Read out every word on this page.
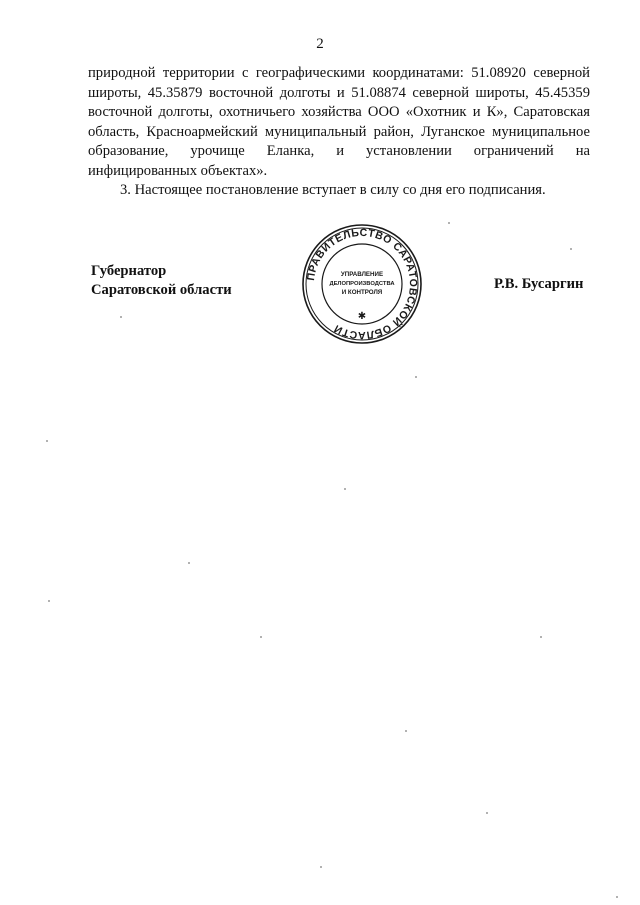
2

природной территории с географическими координатами: 51.08920 северной широты, 45.35879 восточной долготы и 51.08874 северной широты, 45.45359 восточной долготы, охотничьего хозяйства ООО «Охотник и К», Саратовская область, Красноармейский муниципальный район, Луганское муниципальное образование, урочище Еланка, и установлении ограничений на инфицированных объектах».

3. Настоящее постановление вступает в силу со дня его подписания.

Губернатор
Саратовской области	Р.В. Бусаргин
ПРАВИТЕЛЬСТВО САРАТОВСКОЙ ОБЛАСТИ
УПРАВЛЕНИЕ
ДЕЛОПРОИЗВОДСТВА
И КОНТРОЛЯ
✱
